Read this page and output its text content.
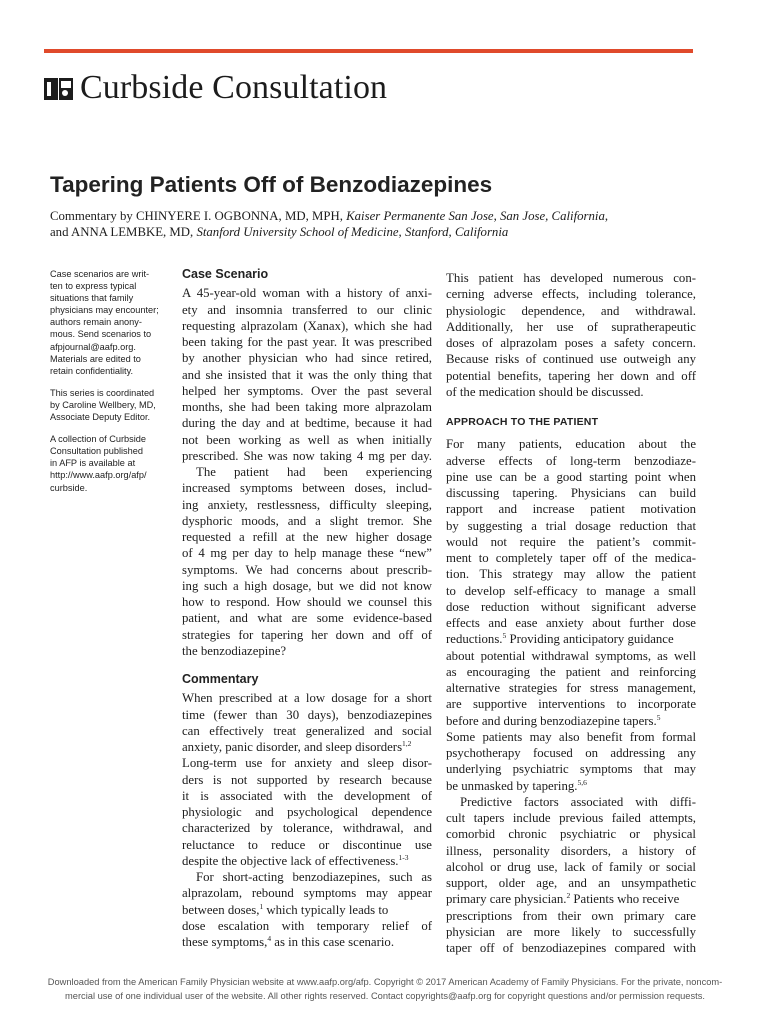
Curbside Consultation
Tapering Patients Off of Benzodiazepines
Commentary by CHINYERE I. OGBONNA, MD, MPH, Kaiser Permanente San Jose, San Jose, California,
and ANNA LEMBKE, MD, Stanford University School of Medicine, Stanford, California

Case scenarios are writ-
ten to express typical
situations that family
physicians may encounter;
authors remain anony-
mous. Send scenarios to
afpjournal@aafp.org.
Materials are edited to
retain confidentiality.

This series is coordinated
by Caroline Wellbery, MD,
Associate Deputy Editor.

A collection of Curbside
Consultation published
in AFP is available at
http://www.aafp.org/afp/
curbside.

Case Scenario

A 45-year-old woman with a history of anxi-
ety and insomnia transferred to our clinic
requesting alprazolam (Xanax), which she had
been taking for the past year. It was prescribed
by another physician who had since retired,
and she insisted that it was the only thing that
helped her symptoms. Over the past several
months, she had been taking more alprazolam
during the day and at bedtime, because it had
not been working as well as when initially
prescribed. She was now taking 4 mg per day.

The patient had been experiencing
increased symptoms between doses, includ-
ing anxiety, restlessness, difficulty sleeping,
dysphoric moods, and a slight tremor. She
requested a refill at the new higher dosage
of 4 mg per day to help manage these “new”
symptoms. We had concerns about prescrib-
ing such a high dosage, but we did not know
how to respond. How should we counsel this
patient, and what are some evidence-based
strategies for tapering her down and off of
the benzodiazepine?

Commentary

When prescribed at a low dosage for a short
time (fewer than 30 days), benzodiazepines
can effectively treat generalized and social
anxiety, panic disorder, and sleep disorders$^{1,2}$
Long-term use for anxiety and sleep disor-
ders is not supported by research because
it is associated with the development of
physiologic and psychological dependence
characterized by tolerance, withdrawal, and
reluctance to reduce or discontinue use
despite the objective lack of effectiveness.$^{1-3}$

For short-acting benzodiazepines, such as
alprazolam, rebound symptoms may appear
between doses,$^1$ which typically leads to
dose escalation with temporary relief of
these symptoms,$^4$ as in this case scenario.

This patient has developed numerous con-
cerning adverse effects, including tolerance,
physiologic dependence, and withdrawal.
Additionally, her use of supratherapeutic
doses of alprazolam poses a safety concern.
Because risks of continued use outweigh any
potential benefits, tapering her down and off
of the medication should be discussed.

APPROACH TO THE PATIENT

For many patients, education about the
adverse effects of long-term benzodiaze-
pine use can be a good starting point when
discussing tapering. Physicians can build
rapport and increase patient motivation
by suggesting a trial dosage reduction that
would not require the patient’s commit-
ment to completely taper off of the medica-
tion. This strategy may allow the patient
to develop self-efficacy to manage a small
dose reduction without significant adverse
effects and ease anxiety about further dose
reductions.$^5$ Providing anticipatory guidance
about potential withdrawal symptoms, as well
as encouraging the patient and reinforcing
alternative strategies for stress management,
are supportive interventions to incorporate
before and during benzodiazepine tapers.$^5$
Some patients may also benefit from formal
psychotherapy focused on addressing any
underlying psychiatric symptoms that may
be unmasked by tapering.$^{5,6}$

Predictive factors associated with diffi-
cult tapers include previous failed attempts,
comorbid chronic psychiatric or physical
illness, personality disorders, a history of
alcohol or drug use, lack of family or social
support, older age, and an unsympathetic
primary care physician.$^2$ Patients who receive
prescriptions from their own primary care
physician are more likely to successfully
taper off of benzodiazepines compared with

Downloaded from the American Family Physician website at www.aafp.org/afp. Copyright © 2017 American Academy of Family Physicians. For the private, noncom-
mercial use of one individual user of the website. All other rights reserved. Contact copyrights@aafp.org for copyright questions and/or permission requests.
